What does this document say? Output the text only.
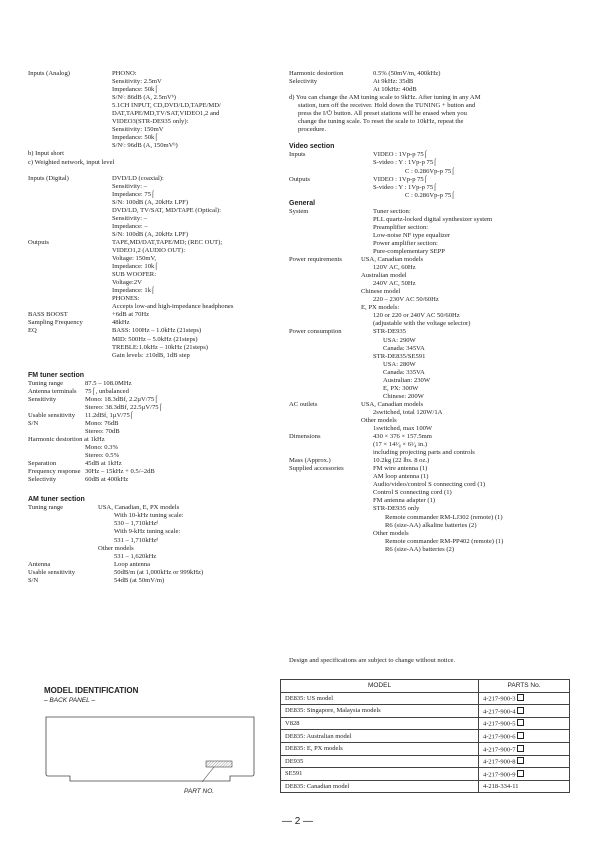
Inputs (Analog)	PHONO:
Sensitivity: 2.5mV
Impedance: 50k⌠
S/Nᶜ: 86dB (A, 2.5mVᵇ)
5.1CH INPUT, CD,DVD/LD,TAPE/MD/
DAT,TAPE/MD,TV/SAT,VIDEO1,2 and
VIDEO3(STR-DE935 only):
Sensitivity: 150mV
Impedance: 50k⌠
S/Nᶜ: 96dB (A, 150mVᵇ)
b) Input short
c) Weighted network, input level
Inputs (Digital)	DVD/LD (coaxial):
Sensitivity: –
Impedance: 75⌠
S/N: 100dB (A, 20kHz LPF)
DVD/LD, TV/SAT, MD/TAPE (Optical):
Sensitivity: –
Impedance: –
S/N: 100dB (A, 20kHz LPF)
Outputs	TAPE,MD/DAT,TAPE/MD; (REC OUT);
VIDEO1,2 (AUDIO OUT):
Voltage: 150mV,
Impedance: 10k⌠
SUB WOOFER:
Voltage:2V
Impedance: 1k⌠
PHONES:
Accepts low-and high-impedance headphones
BASS BOOST	+6dB at 70Hz
Sampling Frequency	48kHz
EQ	BASS: 100Hz – 1.0kHz (21steps)
MID: 500Hz – 5.0kHz (21steps)
TREBLE:1.0kHz – 10kHz (21steps)
Gain levels: ±10dB, 1dB step
FM tuner section
Tuning range	87.5 – 108.0MHz
Antenna terminals	75⌠, unbalanced
Sensitivity	Mono: 18.3dBf, 2.2µV/75⌠
Stereo: 38.3dBf, 22.5µV/75⌠
Usable sensitivity	11.2dBf, 1µV/75⌠
S/N	Mono: 76dB
Stereo: 70dB
Harmonic destortion at 1kHz
Mono: 0.3%
Stereo: 0.5%
Separation	45dB at 1kHz
Frequency response 30Hz – 15kHz + 0.5/–2dB
Selectivity	60dB at 400kHz
AM tuner section
Tuning range	USA, Canadian, E, PX models
With 10-kHz tuning scale:
530 – 1,710kHzᵈ
With 9-kHz tuning scale:
531 – 1,710kHzᵈ
Other models
531 – 1,620kHz
Antenna	Loop antenna
Usable sensitivity	50dB/m (at 1,000kHz or 999kHz)
S/N	54dB (at 50mV/m)
Harmonic destortion	0.5% (50mV/m, 400kHz)
Selectivity	At 9kHz: 35dB
At 10kHz: 40dB
d) You can change the AM tuning scale to 9kHz. After tuning in any AM
station, turn off the receiver. Hold down the TUNING + button and
press the I/⏻ button. All preset stations will be erased when you
change the tuning scale. To reset the scale to 10kHz, repeat the
procedure.
Video section
Inputs	VIDEO : 1Vp-p 75⌠
S-video : Y : 1Vp-p 75⌠
C : 0.286Vp-p 75⌠
Outputs	VIDEO : 1Vp-p 75⌠
S-video : Y : 1Vp-p 75⌠
C : 0.286Vp-p 75⌠
General
System	Tuner section:
PLL quartz-locked digital synthesizer system
Preamplifier section:
Low-noise NF type equalizer
Power amplifier section:
Pure-complementary SEPP
Power requirements	USA, Canadian models
120V AC, 60Hz
Australian model
240V AC, 50Hz
Chinese model
220 – 230V AC 50/60Hz
E, PX models:
120 or 220 or 240V AC 50/60Hz
(adjustable with the voltage selector)
Power consumption	STR-DE935
USA: 290W
Canada: 345VA
STR-DE835/SE591
USA: 280W
Canada: 335VA
Australian: 230W
E, PX: 300W
Chinese: 200W
AC outlets	USA, Canadian models
2switched, total 120W/1A
Other models
1switched, max 100W
Dimensions	430 × 376 × 157.5mm
(17 × 14¹⁄₈ × 6¹⁄₄ in.)
including projecting parts and controls
Mass (Approx.)	10.2kg (22 lbs. 8 oz.)
Supplied accessories	FM wire antenna (1)
AM loop antenna (1)
Audio/video/control S connecting cord (1)
Control S connecting cord (1)
FM antenna adapter (1)
STR-DE935 only
Remote commander RM-LJ302 (remote) (1)
R6 (size-AA) alkaline batteries (2)
Other models
Remote commander RM-PP402 (remote) (1)
R6 (size-AA) batteries (2)
Design and specifications are subject to change without notice.
MODEL IDENTIFICATION
– BACK PANEL –
PART NO.
MODEL	PARTS No.
DE835: US model	4-217-900-3
DE835: Singapore, Malaysia models	4-217-900-4
V828	4-217-900-5
DE835: Australian model	4-217-900-6
DE835: E, PX models	4-217-900-7
DE935	4-217-900-8
SE591	4-217-900-9
DE835: Canadian model	4-218-334-11
— 2 —
